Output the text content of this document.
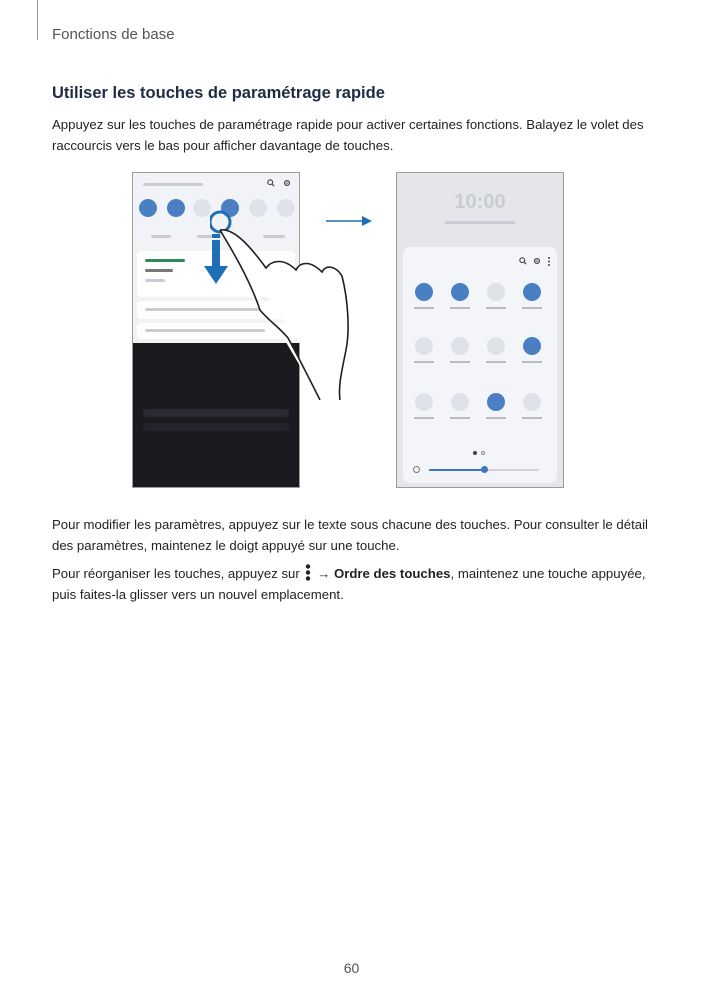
Fonctions de base
Utiliser les touches de paramétrage rapide
Appuyez sur les touches de paramétrage rapide pour activer certaines fonctions. Balayez le volet des raccourcis vers le bas pour afficher davantage de touches.
10:00
Pour modifier les paramètres, appuyez sur le texte sous chacune des touches. Pour consulter le détail des paramètres, maintenez le doigt appuyé sur une touche.
Pour réorganiser les touches, appuyez sur  → Ordre des touches, maintenez une touche appuyée, puis faites-la glisser vers un nouvel emplacement.
60
